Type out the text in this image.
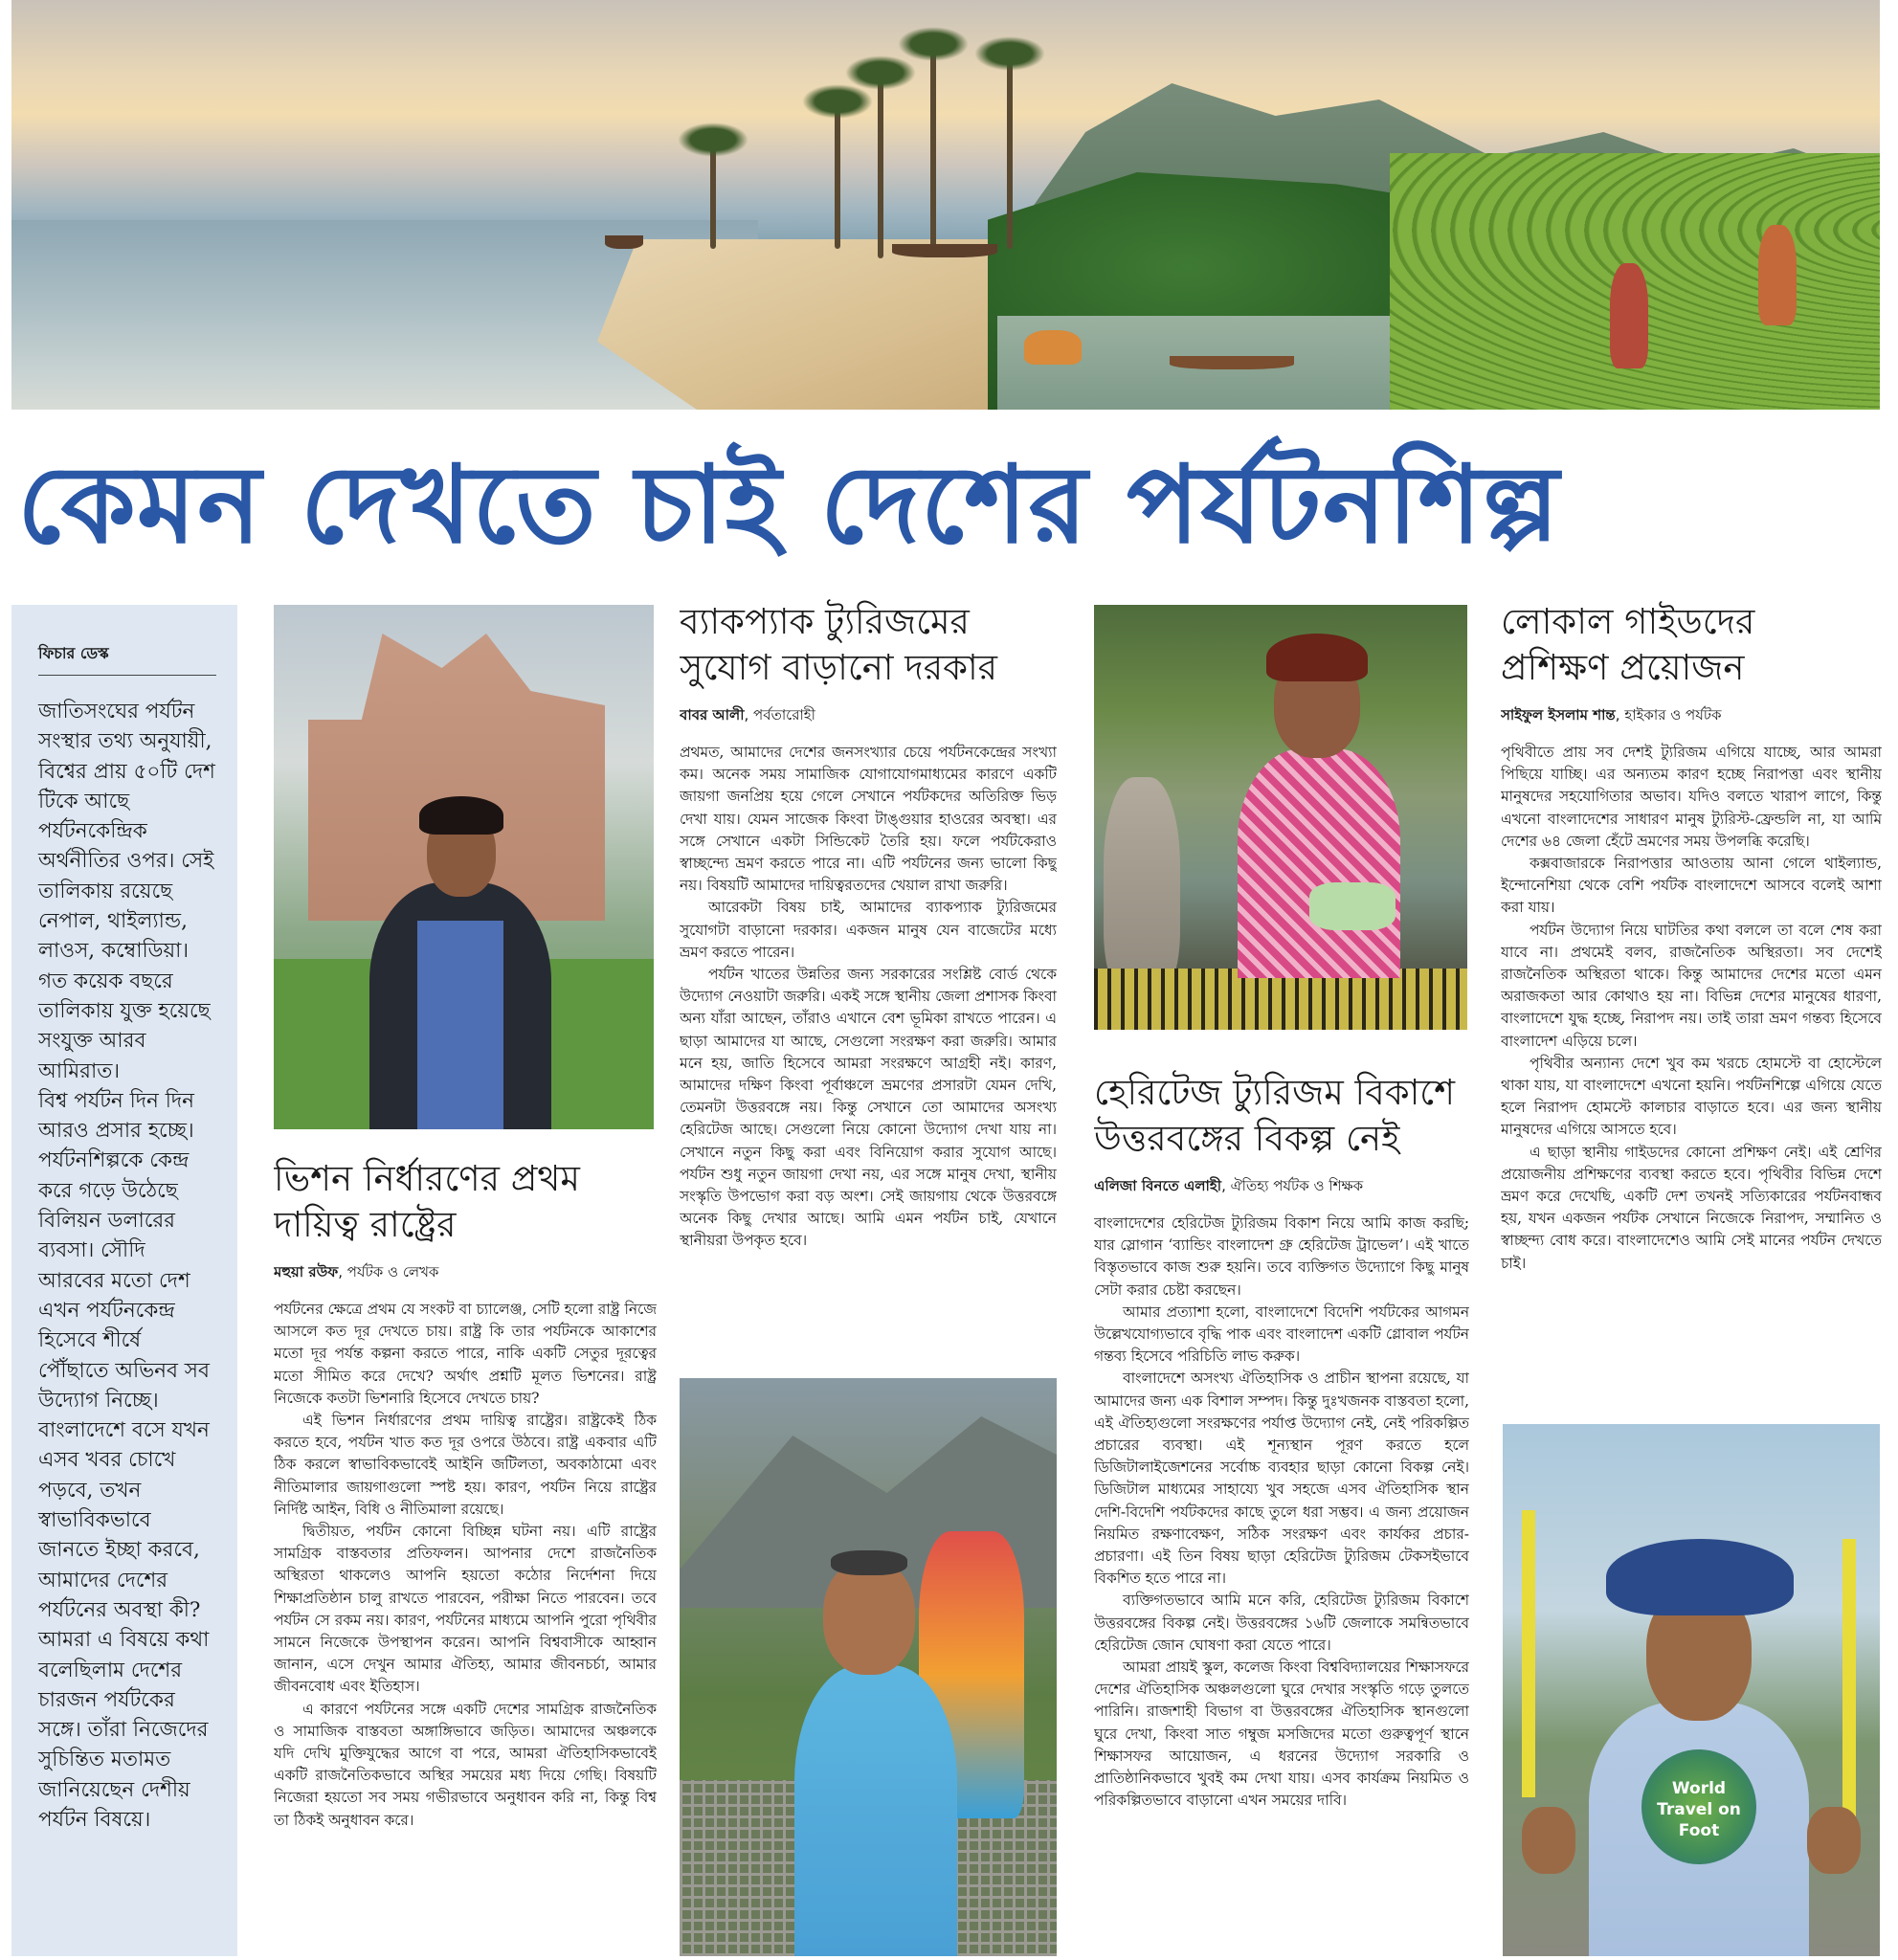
কেমন দেখতে চাই দেশের পর্যটনশিল্প
ফিচার ডেস্ক
জাতিসংঘের পর্যটন সংস্থার তথ্য অনুযায়ী, বিশ্বের প্রায় ৫০টি দেশ টিকে আছে পর্যটনকেন্দ্রিক অর্থনীতির ওপর। সেই তালিকায় রয়েছে নেপাল, থাইল্যান্ড, লাওস, কম্বোডিয়া। গত কয়েক বছরে তালিকায় যুক্ত হয়েছে সংযুক্ত আরব আমিরাত।
বিশ্ব পর্যটন দিন দিন আরও প্রসার হচ্ছে। পর্যটনশিল্পকে কেন্দ্র করে গড়ে উঠেছে বিলিয়ন ডলারের ব্যবসা। সৌদি আরবের মতো দেশ এখন পর্যটনকেন্দ্র হিসেবে শীর্ষে পৌঁছাতে অভিনব সব উদ্যোগ নিচ্ছে। বাংলাদেশে বসে যখন এসব খবর চোখে পড়বে, তখন স্বাভাবিকভাবে জানতে ইচ্ছা করবে, আমাদের দেশের পর্যটনের অবস্থা কী?
আমরা এ বিষয়ে কথা বলেছিলাম দেশের চারজন পর্যটকের সঙ্গে। তাঁরা নিজেদের সুচিন্তিত মতামত জানিয়েছেন দেশীয় পর্যটন বিষয়ে।
ভিশন নির্ধারণের প্রথম
দায়িত্ব রাষ্ট্রের
মহুয়া রউফ, পর্যটক ও লেখক

পর্যটনের ক্ষেত্রে প্রথম যে সংকট বা চ্যালেঞ্জ, সেটি হলো রাষ্ট্র নিজে আসলে কত দূর দেখতে চায়। রাষ্ট্র কি তার পর্যটনকে আকাশের মতো দূর পর্যন্ত কল্পনা করতে পারে, নাকি একটি সেতুর দূরত্বের মতো সীমিত করে দেখে? অর্থাৎ প্রশ্নটি মূলত ভিশনের। রাষ্ট্র নিজেকে কতটা ভিশনারি হিসেবে দেখতে চায়?

এই ভিশন নির্ধারণের প্রথম দায়িত্ব রাষ্ট্রের। রাষ্ট্রকেই ঠিক করতে হবে, পর্যটন খাত কত দূর ওপরে উঠবে। রাষ্ট্র একবার এটি ঠিক করলে স্বাভাবিকভাবেই আইনি জটিলতা, অবকাঠামো এবং নীতিমালার জায়গাগুলো স্পষ্ট হয়। কারণ, পর্যটন নিয়ে রাষ্ট্রের নির্দিষ্ট আইন, বিধি ও নীতিমালা রয়েছে।

দ্বিতীয়ত, পর্যটন কোনো বিচ্ছিন্ন ঘটনা নয়। এটি রাষ্ট্রের সামগ্রিক বাস্তবতার প্রতিফলন। আপনার দেশে রাজনৈতিক অস্থিরতা থাকলেও আপনি হয়তো কঠোর নির্দেশনা দিয়ে শিক্ষাপ্রতিষ্ঠান চালু রাখতে পারবেন, পরীক্ষা নিতে পারবেন। তবে পর্যটন সে রকম নয়। কারণ, পর্যটনের মাধ্যমে আপনি পুরো পৃথিবীর সামনে নিজেকে উপস্থাপন করেন। আপনি বিশ্ববাসীকে আহ্বান জানান, এসে দেখুন আমার ঐতিহ্য, আমার জীবনচর্চা, আমার জীবনবোধ এবং ইতিহাস।

এ কারণে পর্যটনের সঙ্গে একটি দেশের সামগ্রিক রাজনৈতিক ও সামাজিক বাস্তবতা অঙ্গাঙ্গিভাবে জড়িত। আমাদের অঞ্চলকে যদি দেখি মুক্তিযুদ্ধের আগে বা পরে, আমরা ঐতিহাসিকভাবেই একটি রাজনৈতিকভাবে অস্থির সময়ের মধ্য দিয়ে গেছি। বিষয়টি নিজেরা হয়তো সব সময় গভীরভাবে অনুধাবন করি না, কিন্তু বিশ্ব তা ঠিকই অনুধাবন করে।

ব্যাকপ্যাক ট্যুরিজমের
সুযোগ বাড়ানো দরকার
বাবর আলী, পর্বতারোহী

প্রথমত, আমাদের দেশের জনসংখ্যার চেয়ে পর্যটনকেন্দ্রের সংখ্যা কম। অনেক সময় সামাজিক যোগাযোগমাধ্যমের কারণে একটি জায়গা জনপ্রিয় হয়ে গেলে সেখানে পর্যটকদের অতিরিক্ত ভিড় দেখা যায়। যেমন সাজেক কিংবা টাঙ্গুয়ার হাওরের অবস্থা। এর সঙ্গে সেখানে একটা সিন্ডিকেট তৈরি হয়। ফলে পর্যটকেরাও স্বাচ্ছন্দ্যে ভ্রমণ করতে পারে না। এটি পর্যটনের জন্য ভালো কিছু নয়। বিষয়টি আমাদের দায়িত্বরতদের খেয়াল রাখা জরুরি।

আরেকটা বিষয় চাই, আমাদের ব্যাকপ্যাক ট্যুরিজমের সুযোগটা বাড়ানো দরকার। একজন মানুষ যেন বাজেটের মধ্যে ভ্রমণ করতে পারেন।

পর্যটন খাতের উন্নতির জন্য সরকারের সংশ্লিষ্ট বোর্ড থেকে উদ্যোগ নেওয়াটা জরুরি। একই সঙ্গে স্থানীয় জেলা প্রশাসক কিংবা অন্য যাঁরা আছেন, তাঁরাও এখানে বেশ ভূমিকা রাখতে পারেন। এ ছাড়া আমাদের যা আছে, সেগুলো সংরক্ষণ করা জরুরি। আমার মনে হয়, জাতি হিসেবে আমরা সংরক্ষণে আগ্রহী নই। কারণ, আমাদের দক্ষিণ কিংবা পূর্বাঞ্চলে ভ্রমণের প্রসারটা যেমন দেখি, তেমনটা উত্তরবঙ্গে নয়। কিন্তু সেখানে তো আমাদের অসংখ্য হেরিটেজ আছে। সেগুলো নিয়ে কোনো উদ্যোগ দেখা যায় না। সেখানে নতুন কিছু করা এবং বিনিয়োগ করার সুযোগ আছে। পর্যটন শুধু নতুন জায়গা দেখা নয়, এর সঙ্গে মানুষ দেখা, স্থানীয় সংস্কৃতি উপভোগ করা বড় অংশ। সেই জায়গায় থেকে উত্তরবঙ্গে অনেক কিছু দেখার আছে। আমি এমন পর্যটন চাই, যেখানে স্থানীয়রা উপকৃত হবে।

হেরিটেজ ট্যুরিজম বিকাশে
উত্তরবঙ্গের বিকল্প নেই
এলিজা বিনতে এলাহী, ঐতিহ্য পর্যটক ও শিক্ষক

বাংলাদেশের হেরিটেজ ট্যুরিজম বিকাশ নিয়ে আমি কাজ করছি; যার স্লোগান ‘ব্যান্ডিং বাংলাদেশ গ্রু হেরিটেজ ট্রাভেল’। এই খাতে বিস্তৃতভাবে কাজ শুরু হয়নি। তবে ব্যক্তিগত উদ্যোগে কিছু মানুষ সেটা করার চেষ্টা করছেন।

আমার প্রত্যাশা হলো, বাংলাদেশে বিদেশি পর্যটকের আগমন উল্লেখযোগ্যভাবে বৃদ্ধি পাক এবং বাংলাদেশ একটি গ্লোবাল পর্যটন গন্তব্য হিসেবে পরিচিতি লাভ করুক।

বাংলাদেশে অসংখ্য ঐতিহাসিক ও প্রাচীন স্থাপনা রয়েছে, যা আমাদের জন্য এক বিশাল সম্পদ। কিন্তু দুঃখজনক বাস্তবতা হলো, এই ঐতিহ্যগুলো সংরক্ষণের পর্যাপ্ত উদ্যোগ নেই, নেই পরিকল্পিত প্রচারের ব্যবস্থা। এই শূন্যস্থান পূরণ করতে হলে ডিজিটালাইজেশনের সর্বোচ্চ ব্যবহার ছাড়া কোনো বিকল্প নেই। ডিজিটাল মাধ্যমের সাহায্যে খুব সহজে এসব ঐতিহাসিক স্থান দেশি-বিদেশি পর্যটকদের কাছে তুলে ধরা সম্ভব। এ জন্য প্রয়োজন নিয়মিত রক্ষণাবেক্ষণ, সঠিক সংরক্ষণ এবং কার্যকর প্রচার-প্রচারণা। এই তিন বিষয় ছাড়া হেরিটেজ ট্যুরিজম টেকসইভাবে বিকশিত হতে পারে না।

ব্যক্তিগতভাবে আমি মনে করি, হেরিটেজ ট্যুরিজম বিকাশে উত্তরবঙ্গের বিকল্প নেই। উত্তরবঙ্গের ১৬টি জেলাকে সমন্বিতভাবে হেরিটেজ জোন ঘোষণা করা যেতে পারে।

আমরা প্রায়ই স্কুল, কলেজ কিংবা বিশ্ববিদ্যালয়ের শিক্ষাসফরে দেশের ঐতিহাসিক অঞ্চলগুলো ঘুরে দেখার সংস্কৃতি গড়ে তুলতে পারিনি। রাজশাহী বিভাগ বা উত্তরবঙ্গের ঐতিহাসিক স্থানগুলো ঘুরে দেখা, কিংবা সাত গম্বুজ মসজিদের মতো গুরুত্বপূর্ণ স্থানে শিক্ষাসফর আয়োজন, এ ধরনের উদ্যোগ সরকারি ও প্রাতিষ্ঠানিকভাবে খুবই কম দেখা যায়। এসব কার্যক্রম নিয়মিত ও পরিকল্পিতভাবে বাড়ানো এখন সময়ের দাবি।

লোকাল গাইডদের
প্রশিক্ষণ প্রয়োজন
সাইফুল ইসলাম শান্ত, হাইকার ও পর্যটক

পৃথিবীতে প্রায় সব দেশই ট্যুরিজম এগিয়ে যাচ্ছে, আর আমরা পিছিয়ে যাচ্ছি। এর অন্যতম কারণ হচ্ছে নিরাপত্তা এবং স্থানীয় মানুষদের সহযোগিতার অভাব। যদিও বলতে খারাপ লাগে, কিন্তু এখনো বাংলাদেশের সাধারণ মানুষ ট্যুরিস্ট-ফ্রেন্ডলি না, যা আমি দেশের ৬৪ জেলা হেঁটে ভ্রমণের সময় উপলব্ধি করেছি।

কক্সবাজারকে নিরাপত্তার আওতায় আনা গেলে থাইল্যান্ড, ইন্দোনেশিয়া থেকে বেশি পর্যটক বাংলাদেশে আসবে বলেই আশা করা যায়।

পর্যটন উদ্যোগ নিয়ে ঘাটতির কথা বললে তা বলে শেষ করা যাবে না। প্রথমেই বলব, রাজনৈতিক অস্থিরতা। সব দেশেই রাজনৈতিক অস্থিরতা থাকে। কিন্তু আমাদের দেশের মতো এমন অরাজকতা আর কোথাও হয় না। বিভিন্ন দেশের মানুষের ধারণা, বাংলাদেশে যুদ্ধ হচ্ছে, নিরাপদ নয়। তাই তারা ভ্রমণ গন্তব্য হিসেবে বাংলাদেশ এড়িয়ে চলে।

পৃথিবীর অন্যান্য দেশে খুব কম খরচে হোমস্টে বা হোস্টেলে থাকা যায়, যা বাংলাদেশে এখনো হয়নি। পর্যটনশিল্পে এগিয়ে যেতে হলে নিরাপদ হোমস্টে কালচার বাড়াতে হবে। এর জন্য স্থানীয় মানুষদের এগিয়ে আসতে হবে।

এ ছাড়া স্থানীয় গাইডদের কোনো প্রশিক্ষণ নেই। এই শ্রেণির প্রয়োজনীয় প্রশিক্ষণের ব্যবস্থা করতে হবে। পৃথিবীর বিভিন্ন দেশে ভ্রমণ করে দেখেছি, একটি দেশ তখনই সত্যিকারের পর্যটনবান্ধব হয়, যখন একজন পর্যটক সেখানে নিজেকে নিরাপদ, সম্মানিত ও স্বাচ্ছন্দ্য বোধ করে। বাংলাদেশেও আমি সেই মানের পর্যটন দেখতে চাই।

World Travel on Foot
